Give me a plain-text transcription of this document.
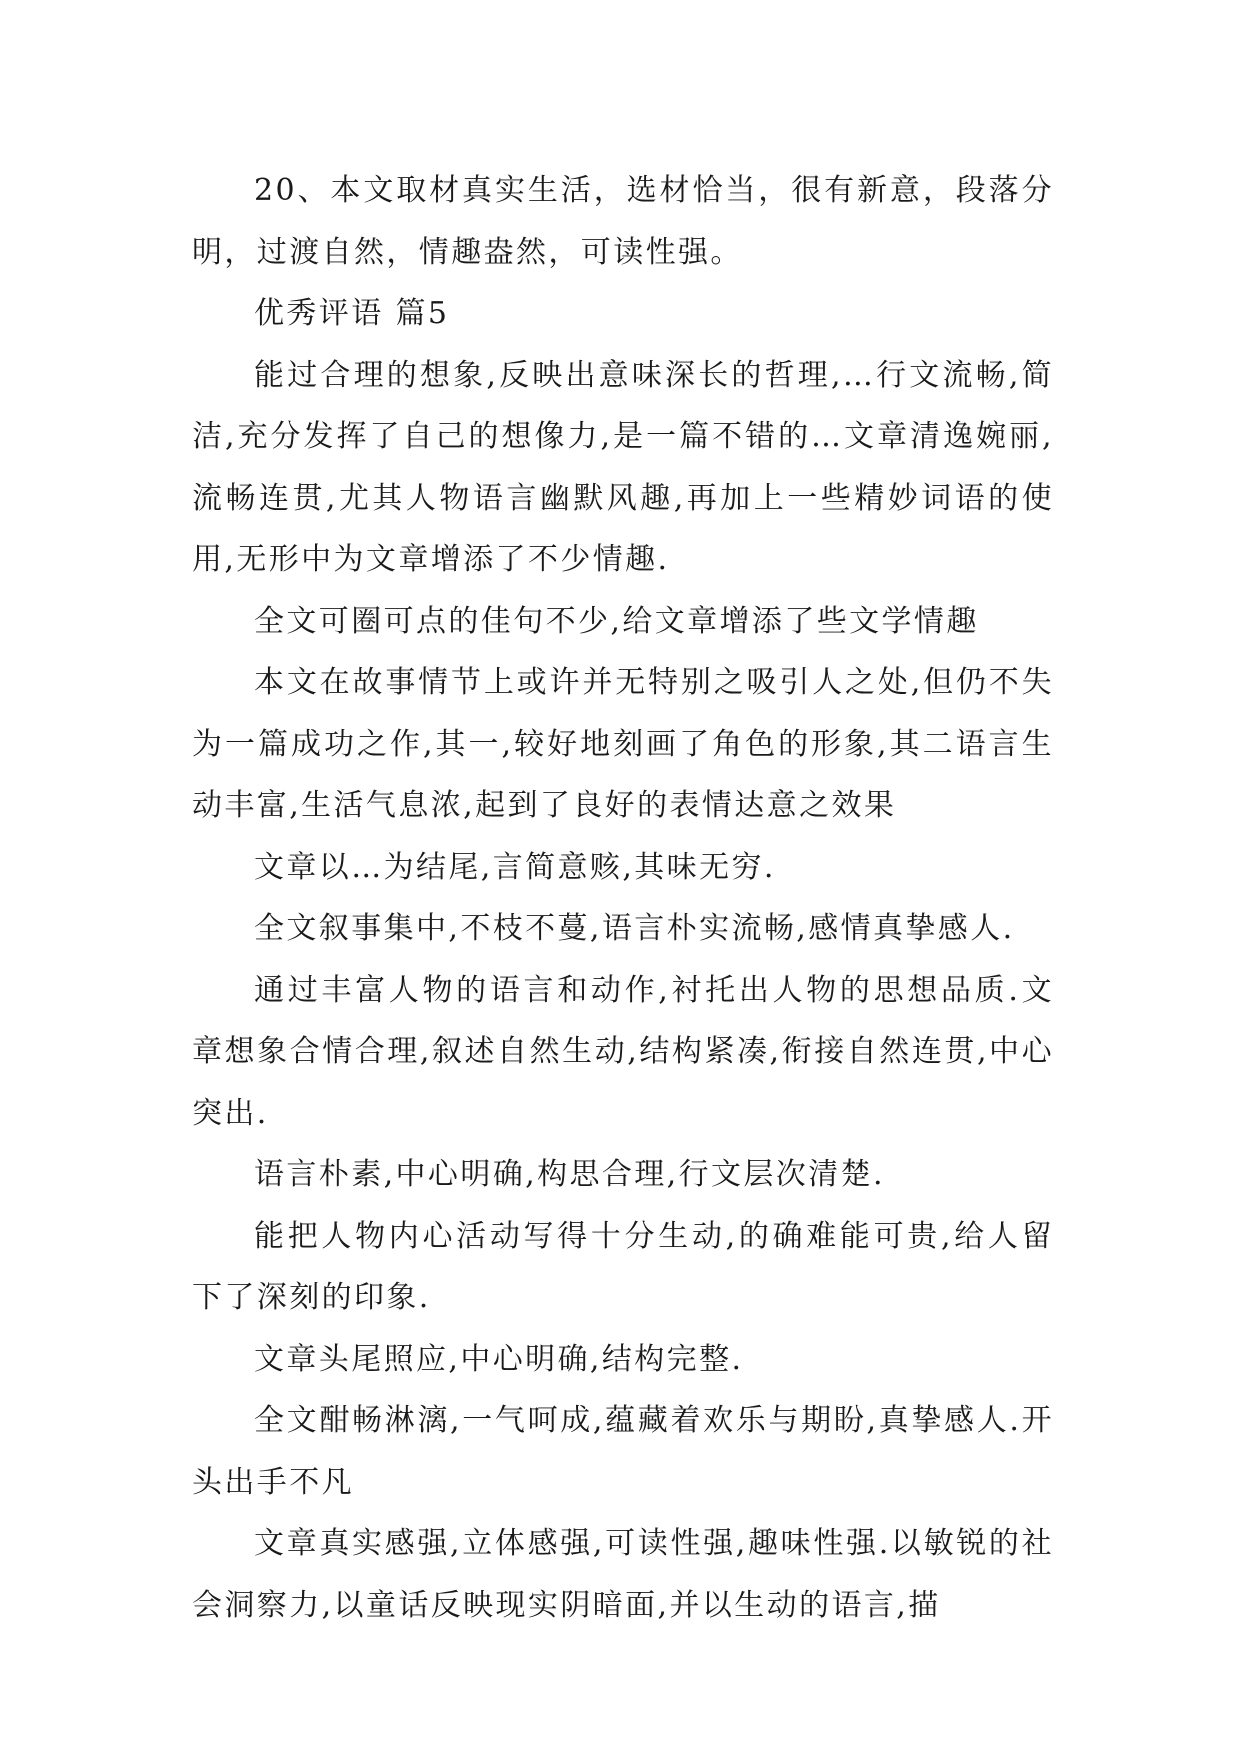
20、本文取材真实生活，选材恰当，很有新意，段落分明，过渡自然，情趣盎然，可读性强。

优秀评语 篇5

能过合理的想象,反映出意味深长的哲理,…行文流畅,简洁,充分发挥了自己的想像力,是一篇不错的…文章清逸婉丽,流畅连贯,尤其人物语言幽默风趣,再加上一些精妙词语的使用,无形中为文章增添了不少情趣.

全文可圈可点的佳句不少,给文章增添了些文学情趣

本文在故事情节上或许并无特别之吸引人之处,但仍不失为一篇成功之作,其一,较好地刻画了角色的形象,其二语言生动丰富,生活气息浓,起到了良好的表情达意之效果

文章以…为结尾,言简意赅,其味无穷.

全文叙事集中,不枝不蔓,语言朴实流畅,感情真挚感人.

通过丰富人物的语言和动作,衬托出人物的思想品质.文章想象合情合理,叙述自然生动,结构紧凑,衔接自然连贯,中心突出.

语言朴素,中心明确,构思合理,行文层次清楚.

能把人物内心活动写得十分生动,的确难能可贵,给人留下了深刻的印象.

文章头尾照应,中心明确,结构完整.

全文酣畅淋漓,一气呵成,蕴藏着欢乐与期盼,真挚感人.开头出手不凡

文章真实感强,立体感强,可读性强,趣味性强.以敏锐的社会洞察力,以童话反映现实阴暗面,并以生动的语言,描
